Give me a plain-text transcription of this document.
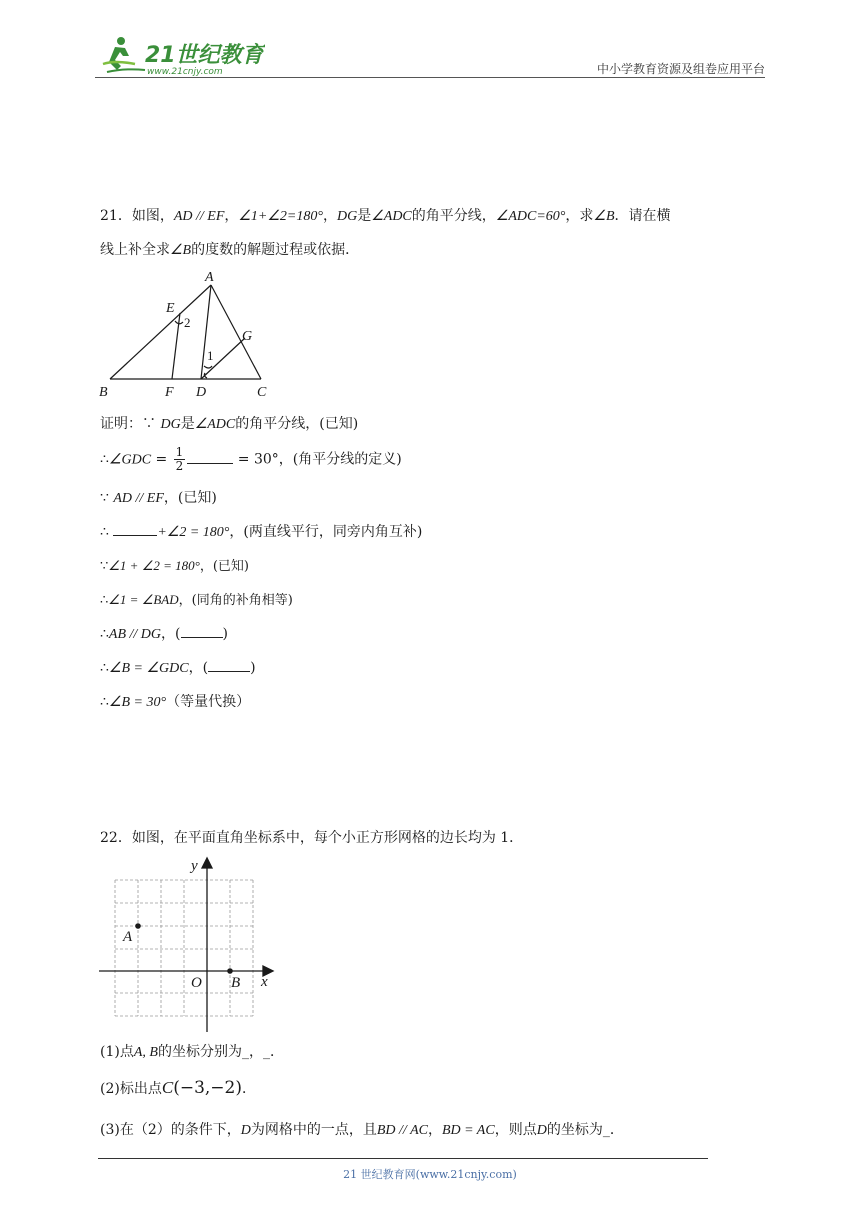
21世纪教育
www.21cnjy.com	中小学教育资源及组卷应用平台
21．如图，AD // EF，∠1+∠2=180°，DG是∠ADC的角平分线，∠ADC=60°，求∠B．请在横
线上补全求∠B的度数的解题过程或依据．
A
E
G
B	F D	C
2
1
证明：∵ DG是∠ADC的角平分线，(已知)
∴∠GDC = $\frac{1}{2}$	= 30°，(角平分线的定义)
∵ AD // EF，(已知)
∴	+∠2 = 180°，(两直线平行，同旁内角互补)
∵∠1 + ∠2 = 180°，(已知)
∴∠1 = ∠BAD，(同角的补角相等)
∴AB // DG，(	)
∴∠B = ∠GDC，(	)
∴∠B = 30°（等量代换）
22．如图，在平面直角坐标系中，每个小正方形网格的边长均为 1．
y
x
O
A
B
(1)点A, B的坐标分别为_，_．
(2)标出点C(−3,−2)．
(3)在（2）的条件下，D为网格中的一点，且BD // AC，BD = AC，则点D的坐标为_．
21 世纪教育网(www.21cnjy.com)
